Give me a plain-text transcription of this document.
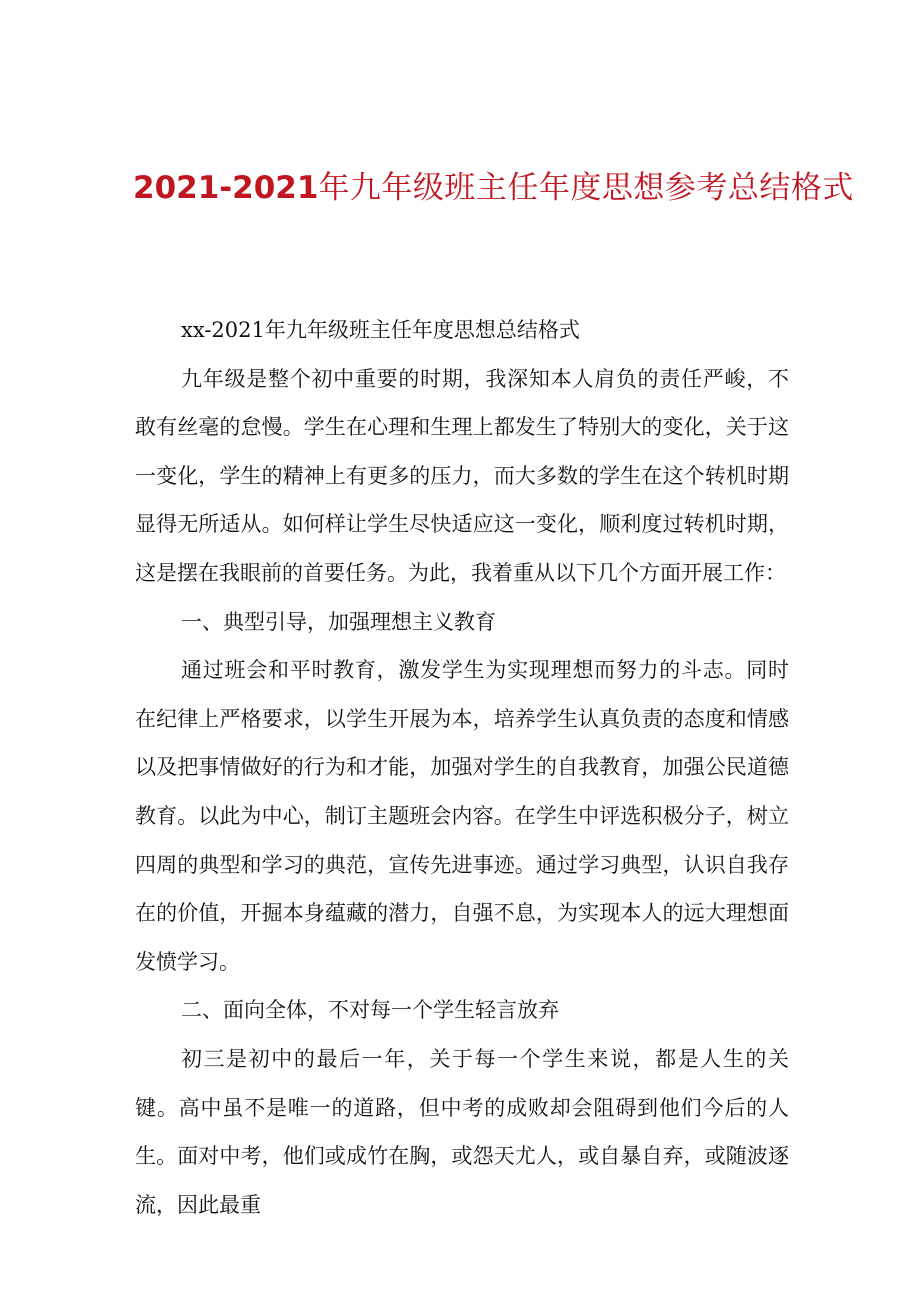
2021-2021年九年级班主任年度思想参考总结格式

xx-2021年九年级班主任年度思想总结格式

九年级是整个初中重要的时期，我深知本人肩负的责任严峻，不敢有丝毫的怠慢。学生在心理和生理上都发生了特别大的变化，关于这一变化，学生的精神上有更多的压力，而大多数的学生在这个转机时期显得无所适从。如何样让学生尽快适应这一变化，顺利度过转机时期，这是摆在我眼前的首要任务。为此，我着重从以下几个方面开展工作：

一、典型引导，加强理想主义教育

通过班会和平时教育，激发学生为实现理想而努力的斗志。同时在纪律上严格要求，以学生开展为本，培养学生认真负责的态度和情感以及把事情做好的行为和才能，加强对学生的自我教育，加强公民道德教育。以此为中心，制订主题班会内容。在学生中评选积极分子，树立四周的典型和学习的典范，宣传先进事迹。通过学习典型，认识自我存在的价值，开掘本身蕴藏的潜力，自强不息，为实现本人的远大理想面发愤学习。

二、面向全体，不对每一个学生轻言放弃

初三是初中的最后一年，关于每一个学生来说，都是人生的关键。高中虽不是唯一的道路，但中考的成败却会阻碍到他们今后的人生。面对中考，他们或成竹在胸，或怨天尤人，或自暴自弃，或随波逐流，因此最重
